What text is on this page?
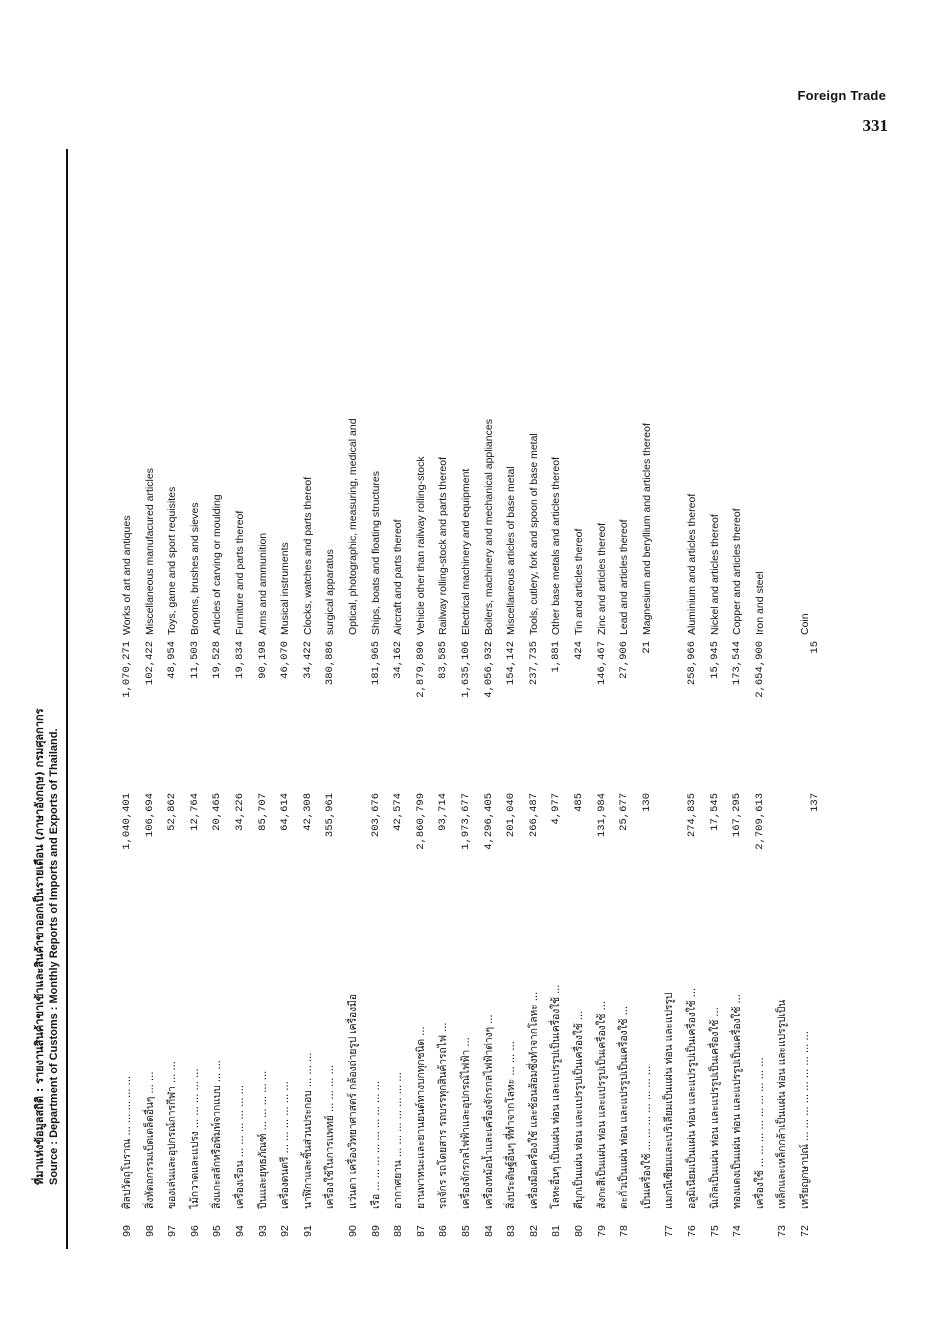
Foreign Trade
331
ที่มาแห่งข้อมูลสถิติ : รายงานสินค้าขาเข้าและสินค้าขาออกเป็นรายเดือน (ภาษาอังกฤษ) กรมศุลกากร Source : Department of Customs : Monthly Reports of Imports and Exports of Thailand.	137
15
72
เหรียญกษาปณ์ ... ... ... ... ... ... ... ... ...
Coin
73
เหล็กและเหล็กกล้าเป็นแผ่น ท่อน และแปรรูปเป็น
เครื่องใช้ ... ... ... ... ... ... ... ... ...
2,709,613
2,654,900
Iron and steel
74
ทองแดงเป็นแผ่น ท่อน และแปรรูปเป็นเครื่องใช้ ...
167,295
173,544
Copper and articles thereof
75
นิเกิลเป็นแผ่น ท่อน และแปรรูปเป็นเครื่องใช้ ...
17,545
15,945
Nickel and articles thereof
76
อลูมิเนียมเป็นแผ่น ท่อน และแปรรูปเป็นเครื่องใช้ ...
274,835
258,966
Aluminium and articles thereof
77
แมกนีเซียมและเบริเลียมเป็นแผ่น ท่อน และแปรรูป
เป็นเครื่องใช้ ... ... ... ... ... ... ...
130
21
Magnesium and beryllium and articles thereof
78
ตะกั่วเป็นแผ่น ท่อน และแปรรูปเป็นเครื่องใช้ ...
25,677
27,906
Lead and articles thereof
79
สังกะสีเป็นแผ่น ท่อน และแปรรูปเป็นเครื่องใช้ ...
131,984
146,467
Zinc and articles thereof
80
ดีบุกเป็นแผ่น ท่อน และแปรรูปเป็นเครื่องใช้ ...
485
424
Tin and articles thereof
81
โลหะอื่นๆ เป็นแผ่น ท่อน และแปรรูปเป็นเครื่องใช้ ...
4,977
1,881
Other base metals and articles thereof
82
เครื่องมือเครื่องใช้ และช้อนส้อมซึ่งทำจากโลหะ ...
266,487
237,735
Tools, cutlery, fork and spoon of base metal
83
สิ่งประดิษฐ์อื่นๆ ที่ทำจากโลหะ ... ... ...
201,040
154,142
Miscellaneous articles of base metal
84
เครื่องหม้อน้ำและเครื่องจักรกลไฟฟ้าต่างๆ ...
4,296,405
4,056,932
Boilers, machinery and mechanical appliances
85
เครื่องจักรกลไฟฟ้าและอุปกรณ์ไฟฟ้า ...
1,973,677
1,635,106
Electrical machinery and equipment
86
รถจักร รถโดยสาร รถบรรทุกสินค้ารถไฟ ...
93,714
83,585
Railway rolling-stock and parts thereof
87
ยานพาหนะและยานยนต์ทางบกทุกชนิด ...
2,860,799
2,879,896
Vehicle other than railway rolling-stock
88
อากาศยาน ... ... ... ... ... ... ...
42,574
34,162
Aircraft and parts thereof
89
เรือ ... ... ... ... ... ... ... ... ...
203,676
181,965
Ships, boats and floating structures
90
แว่นตา เครื่องวิทยาศาสตร์ กล้องถ่ายรูป เครื่องมือ
Optical, photographic, measuring, medical and
เครื่องใช้ในการแพทย์ ... ... ... ...
355,961
380,886
surgical apparatus
91
นาฬิกาและชิ้นส่วนประกอบ ... ... ...
42,308
34,422
Clocks, watches and parts thereof
92
เครื่องดนตรี ... ... ... ... ... ...
64,614
46,070
Musical instruments
93
ปืนและยุทธภัณฑ์ ... ... ... ... ...
85,707
90,198
Arms and ammunition
94
เครื่องเรือน ... ... ... ... ... ...
34,226
19,834
Furniture and parts thereof
95
สิ่งแกะสลักหรือพิมพ์จากแบบ ... ...
20,465
19,528
Articles of carving or moulding
96
ไม้กวาดและแปรง ... ... ... ... ...
12,764
11,503
Brooms, brushes and sieves
97
ของเล่นและอุปกรณ์การกีฬา ... ...
52,862
48,954
Toys, game and sport requisites
98
สิ่งหัตถกรรมเบ็ดเตล็ดอื่นๆ ... ...
106,694
102,422
Miscellaneous manufacured articles
99
ศิลปวัตถุโบราณ ... ... ... ... ...
1,040,401
1,070,271
Works of art and antiques
